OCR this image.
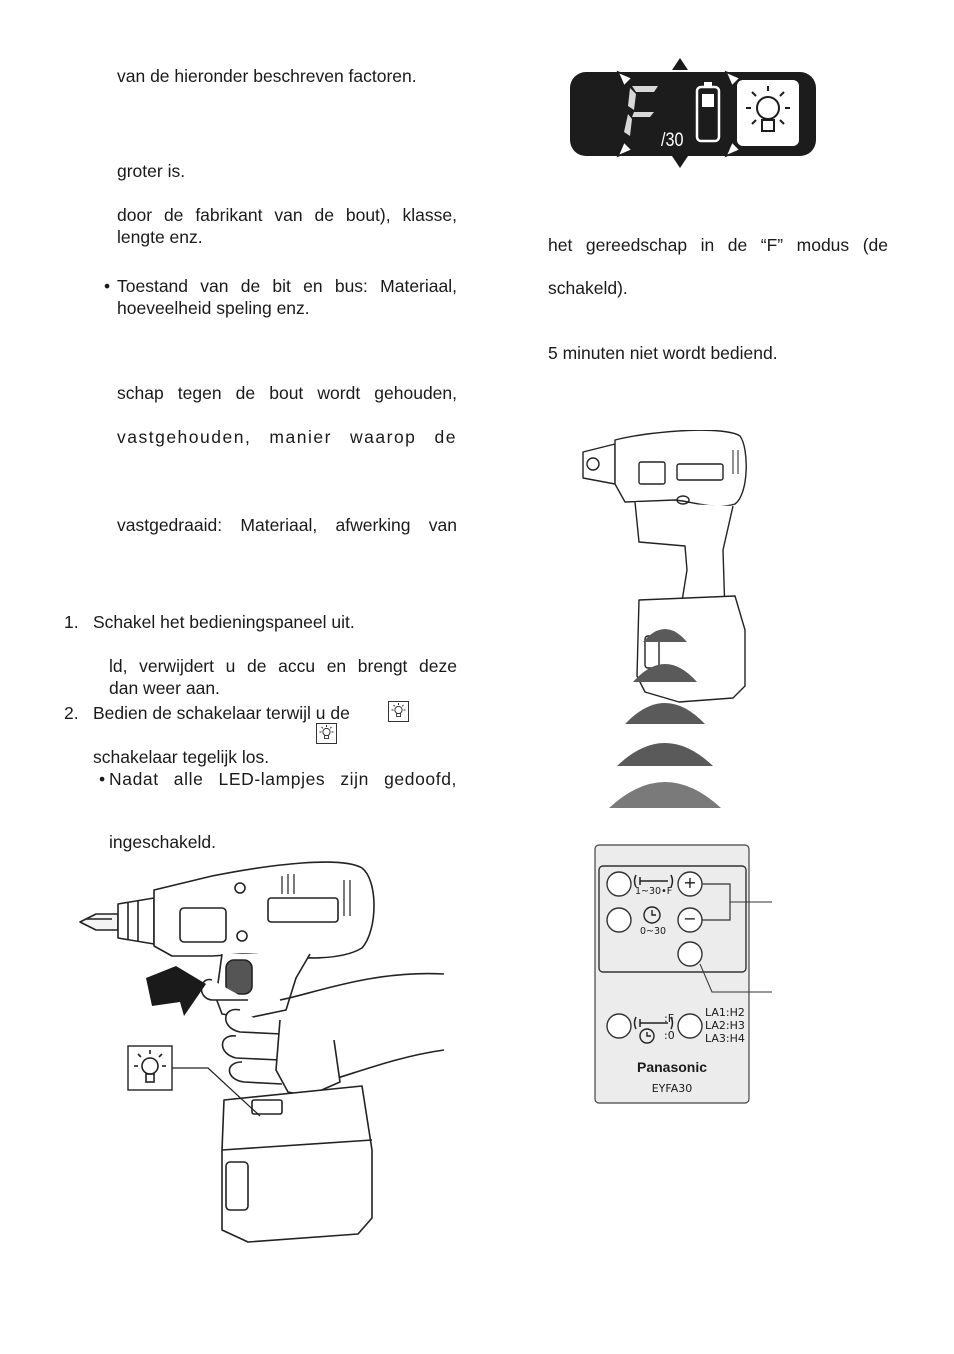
van de hieronder beschreven factoren.
groter is.
door de fabrikant van de bout), klasse,
lengte enz.
• Toestand van de bit en bus: Materiaal,
hoeveelheid speling enz.
schap tegen de bout wordt gehouden,
vastgehouden, manier waarop de
vastgedraaid: Materiaal, afwerking van
1. Schakel het bedieningspaneel uit.
ld, verwijdert u de accu en brengt deze
dan weer aan.
2. Bedien de schakelaar terwijl u de
schakelaar tegelijk los.
• Nadat alle LED-lampjes zijn gedoofd,
ingeschakeld.
het gereedschap in de “F” modus (de
schakeld).
5 minuten niet wordt bediend.
/30
1~30•F
0~30
+
−
:F
:0
LA1:H2
LA2:H3
LA3:H4
Panasonic
EYFA30
